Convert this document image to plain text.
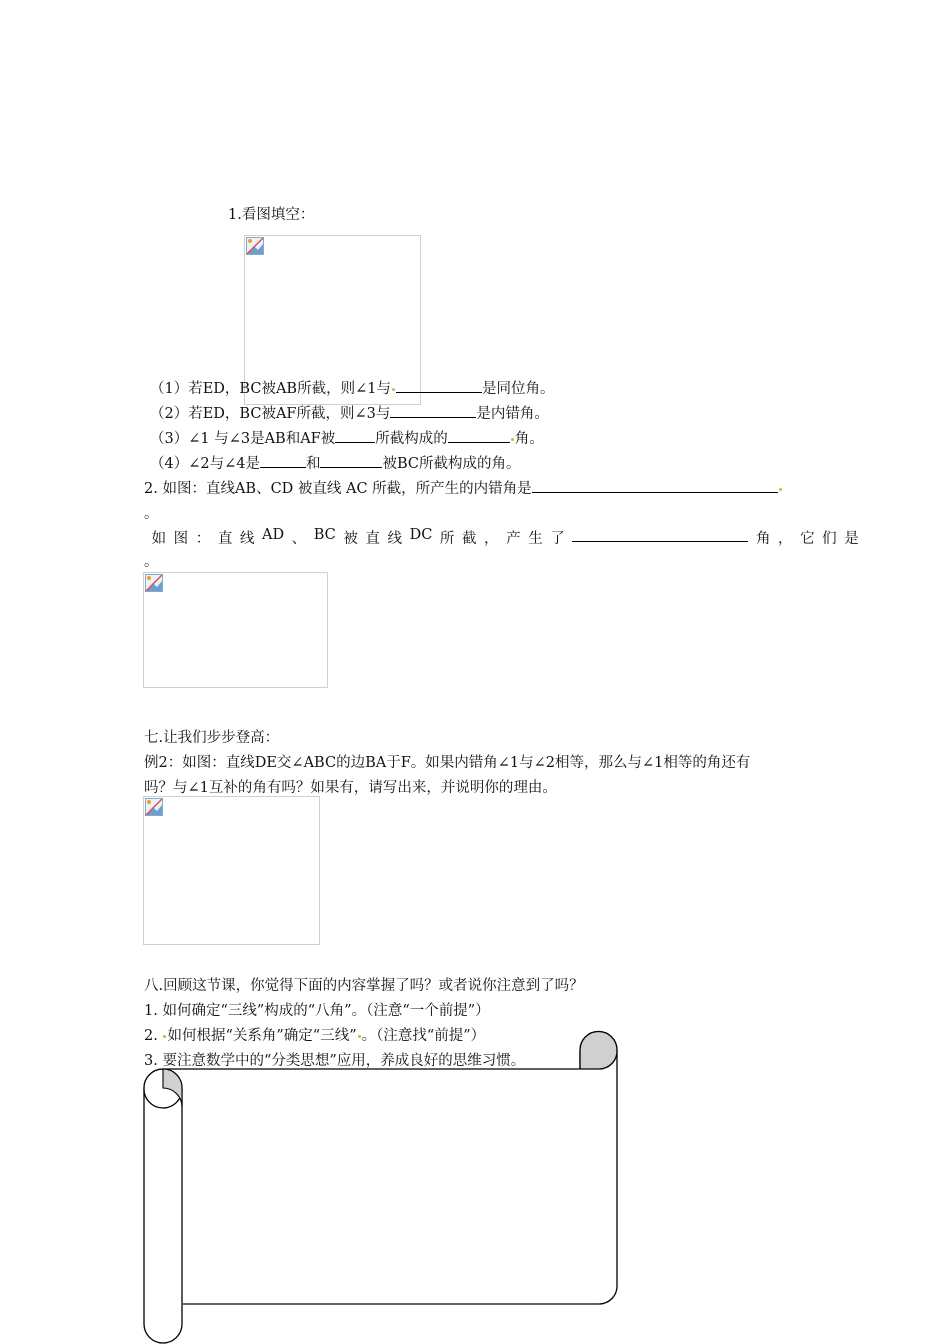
1.看图填空：
（1）若ED，BC被AB所截，则∠1与	是同位角。
（2）若ED，BC被AF所截，则∠3与	是内错角。
（3）∠1 与∠3是AB和AF被	所截构成的	角。
（4）∠2与∠4是	和	被BC所截构成的角。
2. 如图：直线AB、CD 被直线 AC 所截，所产生的内错角是
。
如 图 ： 直 线 AD 、 BC 被 直 线 DC 所 截 ， 产 生 了	角 ， 它 们 是
。
七.让我们步步登高：
例2：如图：直线DE交∠ABC的边BA于F。如果内错角∠1与∠2相等，那么与∠1相等的角还有
吗？与∠1互补的角有吗？如果有，请写出来，并说明你的理由。
八.回顾这节课，你觉得下面的内容掌握了吗？或者说你注意到了吗？
1. 如何确定“三线”构成的“八角”。（注意“一个前提”）
2. 如何根据“关系角”确定“三线” 。（注意找“前提”）
3. 要注意数学中的“分类思想”应用，养成良好的思维习惯。
